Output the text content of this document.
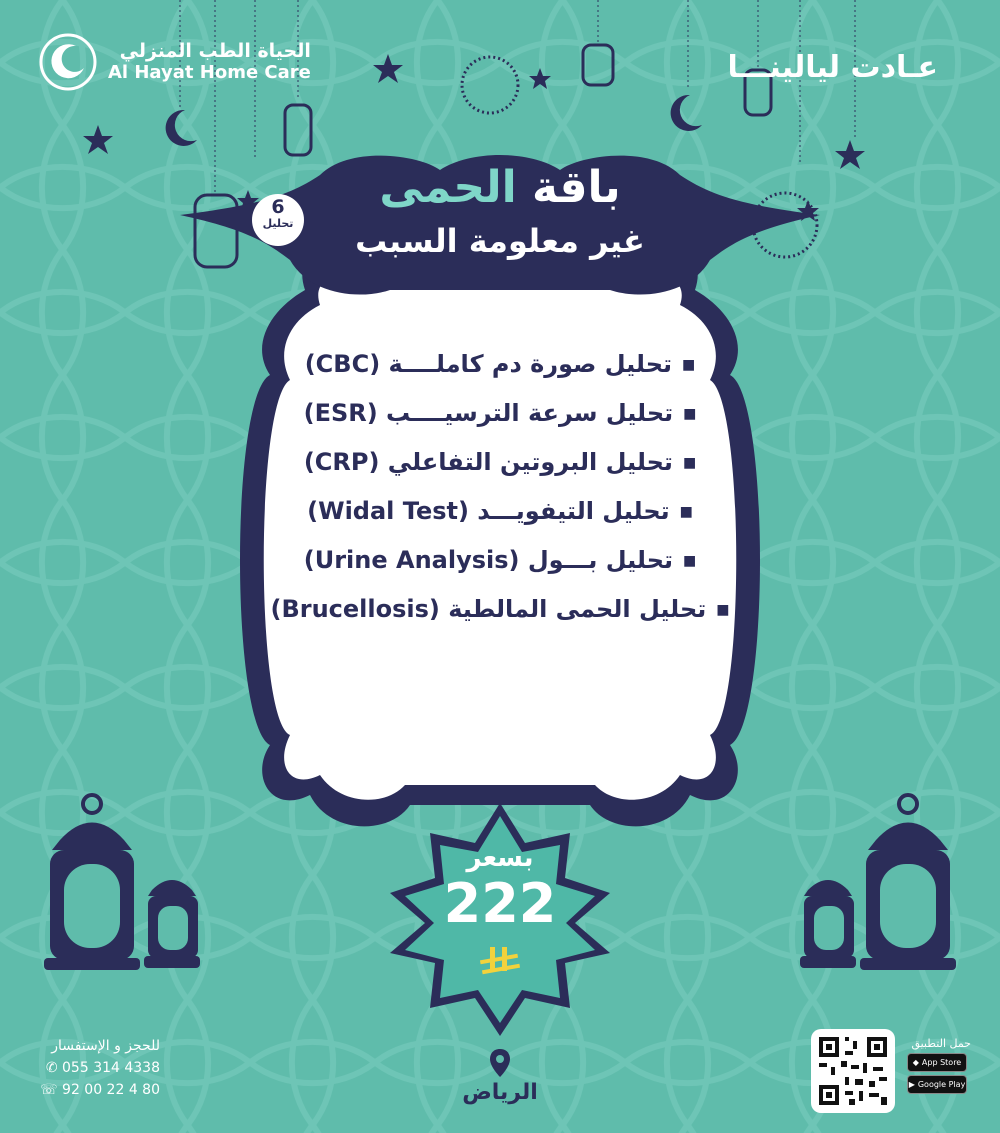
الحياة الطب المنزلي
Al Hayat Home Care	عـادت ليالينـــا
6
تحليل
باقة الحمى
غير معلومة السبب
■تحليل صورة دم كاملــــة (CBC)
■تحليل سرعة الترسيــــب (ESR)
■تحليل البروتين التفاعلي (CRP)
■تحليل التيفويـــد (Widal Test)
■تحليل بـــول (Urine Analysis)
■تحليل الحمى المالطية (Brucellosis)
بسعر
222
للحجز و الإستفسار
✆ 055 314 4338
☏ 92 00 22 4 80	الرياض
حمل التطبيق
◆ App Store
▶ Google Play
